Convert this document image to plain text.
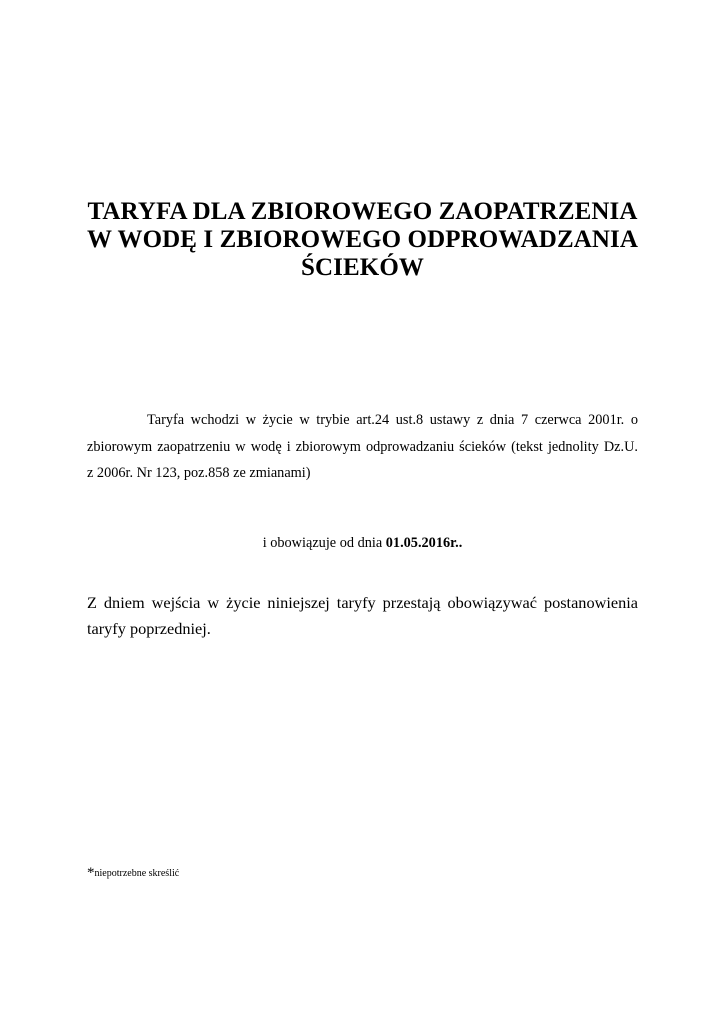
TARYFA DLA ZBIOROWEGO ZAOPATRZENIA
W WODĘ I ZBIOROWEGO ODPROWADZANIA
ŚCIEKÓW
Taryfa wchodzi w życie w trybie art.24 ust.8 ustawy z dnia 7 czerwca 2001r. o
zbiorowym zaopatrzeniu w wodę i zbiorowym odprowadzaniu ścieków (tekst jednolity Dz.U.
z 2006r. Nr 123, poz.858 ze zmianami)
i obowiązuje od dnia 01.05.2016r..
Z dniem wejścia w życie niniejszej taryfy przestają obowiązywać postanowienia
taryfy poprzedniej.
*niepotrzebne skreślić
